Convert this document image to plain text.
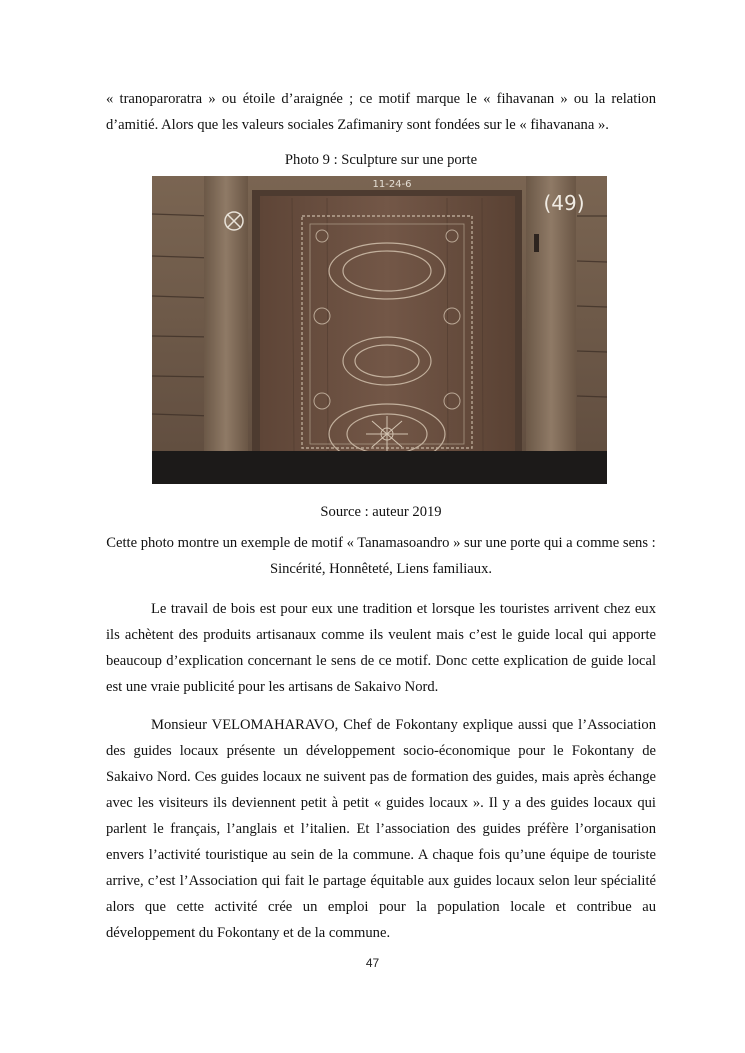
« tranoparoratra » ou étoile d’araignée ; ce motif marque le « fihavanan » ou la relation d’amitié. Alors que les valeurs sociales Zafimaniry sont fondées sur le « fihavanana ».

Photo 9 : Sculpture sur une porte

11-24-6
(49)

Source : auteur 2019

Cette photo montre un exemple de motif « Tanamasoandro » sur une porte qui a comme sens : Sincérité, Honnêteté, Liens familiaux.

Le travail de bois est pour eux une tradition et lorsque les touristes arrivent chez eux ils achètent des produits artisanaux comme ils veulent mais c’est le guide local qui apporte beaucoup d’explication concernant le sens de ce motif. Donc cette explication de guide local est une vraie publicité pour les artisans de Sakaivo Nord.

Monsieur VELOMAHARAVO, Chef de Fokontany explique aussi que l’Association des guides locaux présente un développement socio-économique pour le Fokontany de Sakaivo Nord. Ces guides locaux ne suivent pas de formation des guides, mais après échange avec les visiteurs ils deviennent petit à petit « guides locaux ». Il y a des guides locaux qui parlent le français, l’anglais et l’italien. Et l’association des guides préfère l’organisation envers l’activité touristique au sein de la commune. A chaque fois qu’une équipe de touriste arrive, c’est l’Association qui fait le partage équitable aux guides locaux selon leur spécialité alors que cette activité crée un emploi pour la population locale et contribue au développement du Fokontany et de la commune.

47
